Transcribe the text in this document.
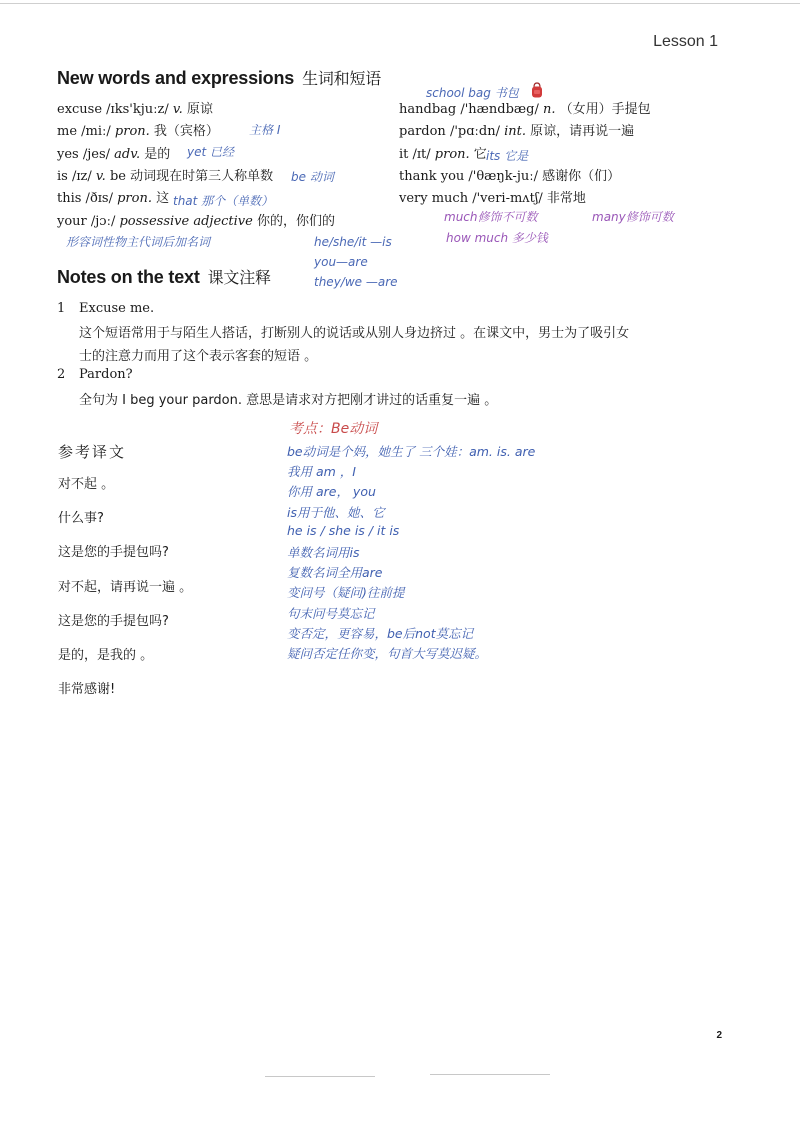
Lesson 1
New words and expressions 生词和短语
excuse /ɪks'kjuːz/ v. 原谅
me /miː/ pron. 我（宾格）
yes /jes/ adv. 是的
is /ɪz/ v. be 动词现在时第三人称单数
this /ðɪs/ pron. 这
your /jɔː/ possessive adjective 你的，你们的
handbag /'hændbæg/ n. （女用）手提包
pardon /'pɑːdn/ int. 原谅，请再说一遍
it /ɪt/ pron. 它
thank you /'θæŋk-juː/ 感谢你（们）
very much /'veri-mʌtʃ/ 非常地
school bag 书包
主格 I
yet 已经
be 动词
that 那个（单数）
形容词性物主代词后加名词
its 它是
he/she/it —is
you—are
they/we —are
much修饰不可数	many修饰可数
how much 多少钱
Notes on the text 课文注释
1 Excuse me.
这个短语常用于与陌生人搭话，打断别人的说话或从别人身边挤过 。在课文中，男士为了吸引女
士的注意力而用了这个表示客套的短语 。
2 Pardon?
全句为 I beg your pardon. 意思是请求对方把刚才讲过的话重复一遍 。
参考译文
对不起 。
什么事?
这是您的手提包吗?
对不起，请再说一遍 。
这是您的手提包吗?
是的，是我的 。
非常感谢!
考点：Be动词
be动词是个妈，她生了 三个娃：am. is. are
我用 am ，I
你用 are， you
is用于他、她、它
he is / she is / it is
单数名词用is
复数名词全用are
变问号（疑问)往前提
句末问号莫忘记
变否定，更容易，be后not莫忘记
疑问否定任你变，句首大写莫迟疑。
2
